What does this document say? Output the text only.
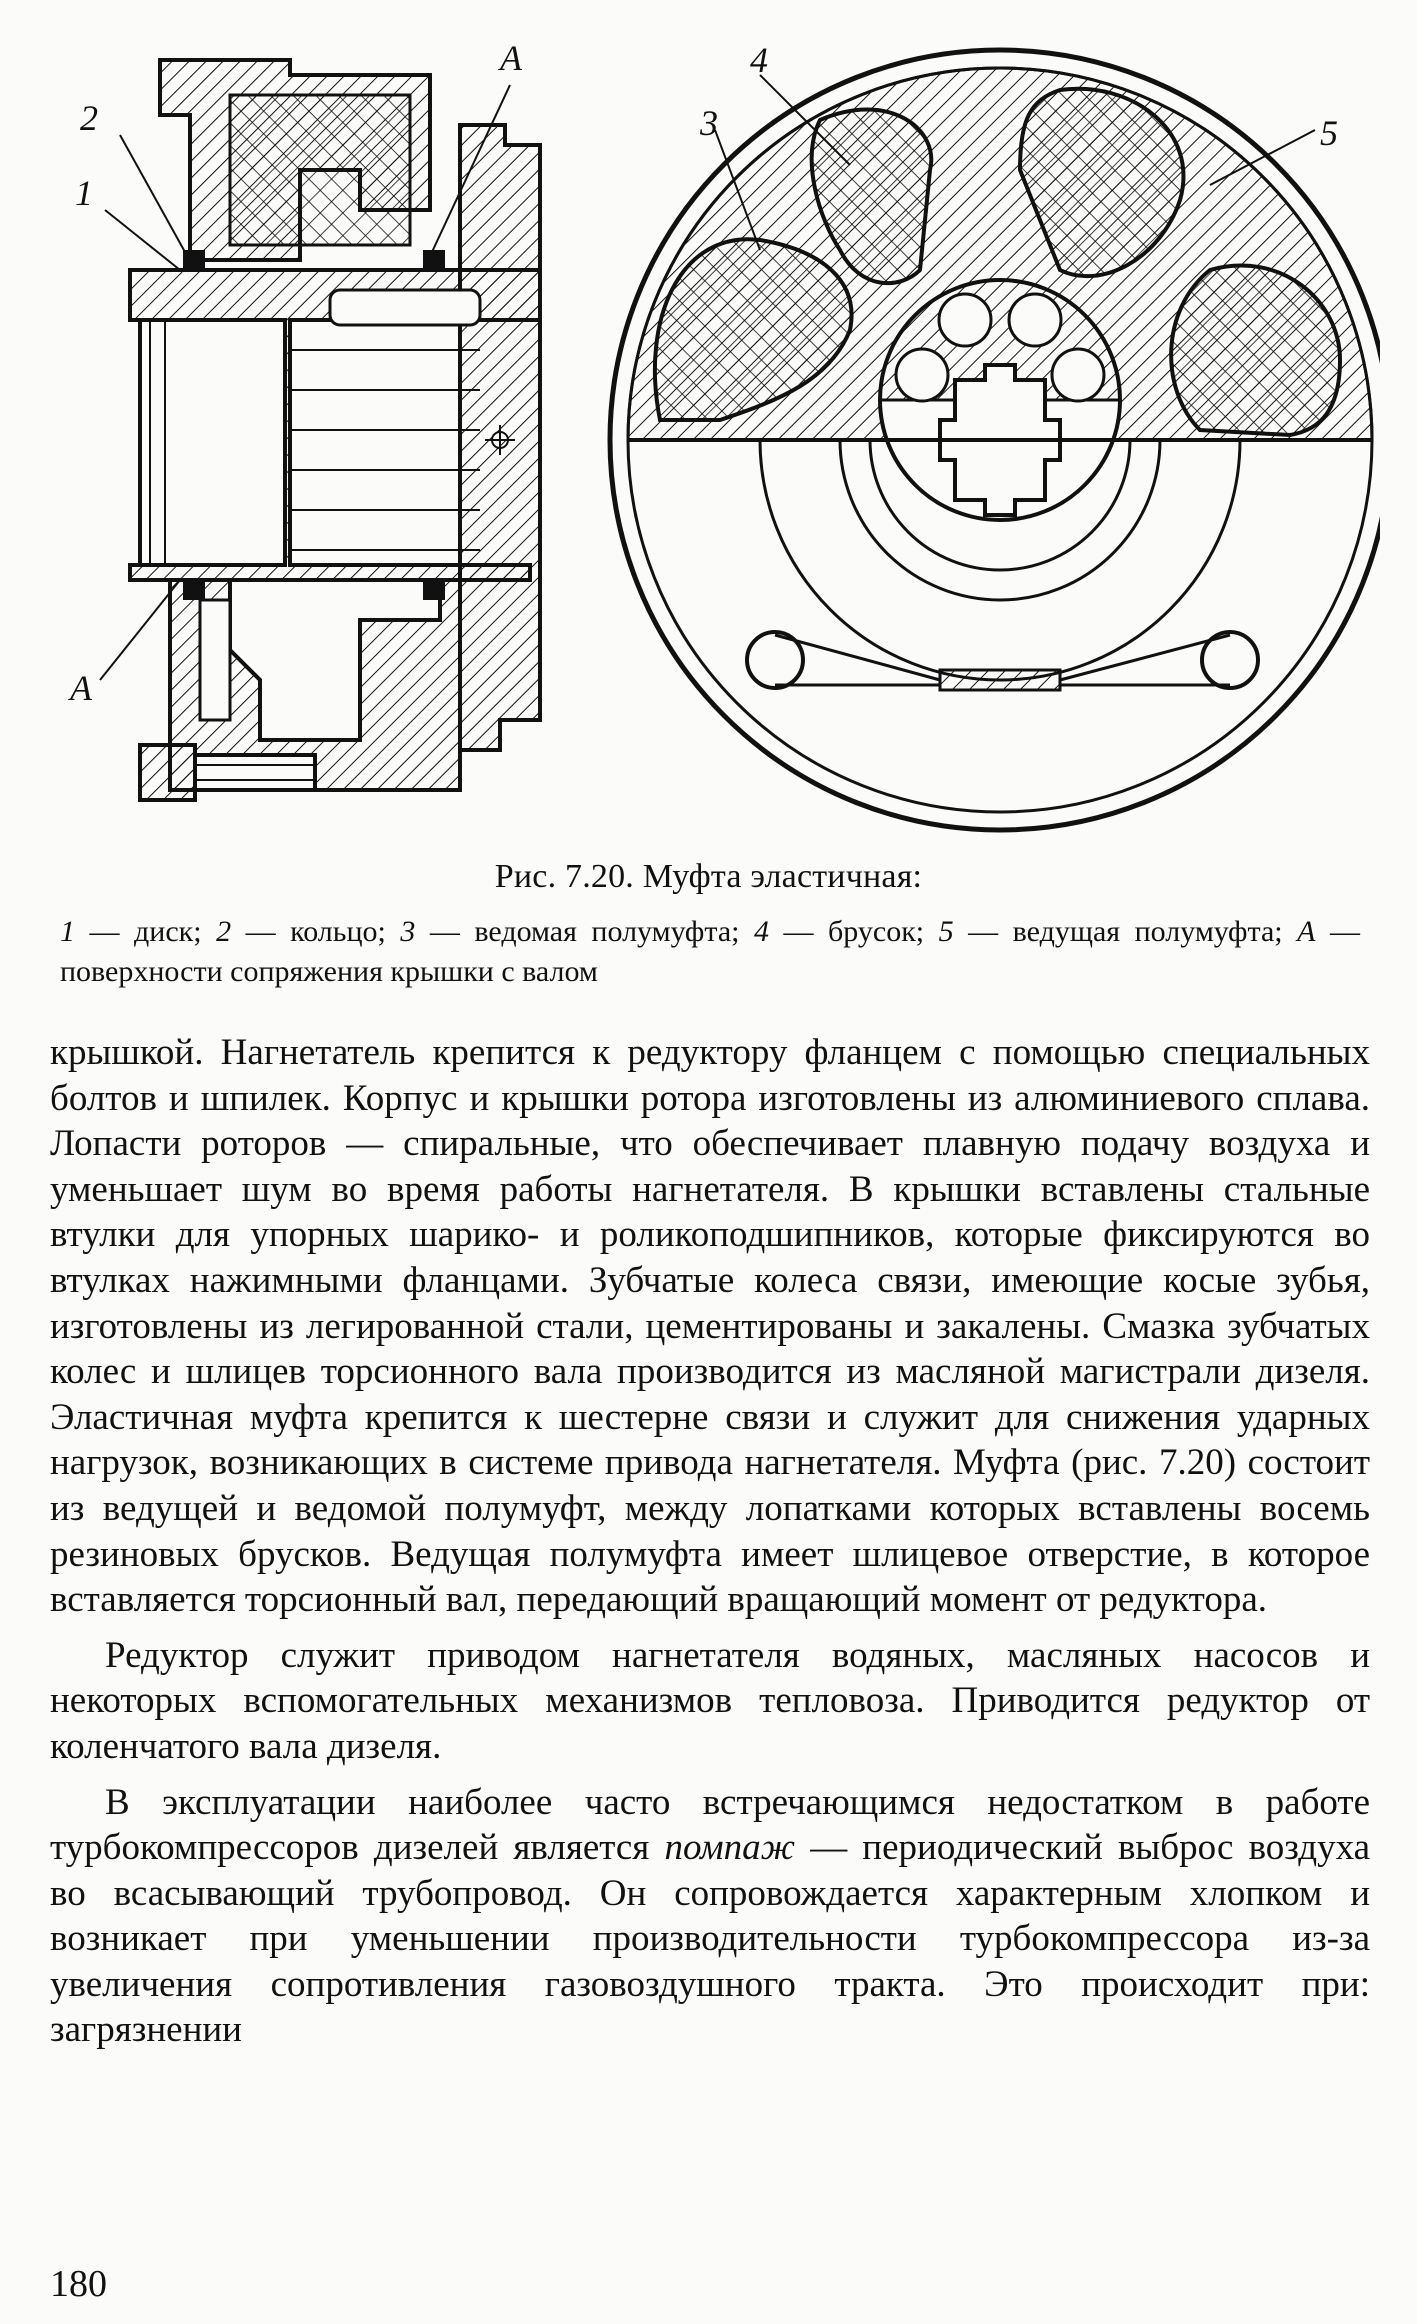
2
1
A
A
4
3	5
Рис. 7.20. Муфта эластичная:
1 — диск; 2 — кольцо; 3 — ведомая полумуфта; 4 — брусок; 5 — ведущая полумуфта; A — поверхности сопряжения крышки с валом

крышкой. Нагнетатель крепится к редуктору фланцем с помощью специальных болтов и шпилек. Корпус и крышки ротора изготовлены из алюминиевого сплава. Лопасти роторов — спиральные, что обеспечивает плавную подачу воздуха и уменьшает шум во время работы нагнетателя. В крышки вставлены стальные втулки для упорных шарико- и роликоподшипников, которые фиксируются во втулках нажимными фланцами. Зубчатые колеса связи, имеющие косые зубья, изготовлены из легированной стали, цементированы и закалены. Смазка зубчатых колес и шлицев торсионного вала производится из масляной магистрали дизеля. Эластичная муфта крепится к шестерне связи и служит для снижения ударных нагрузок, возникающих в системе привода нагнетателя. Муфта (рис. 7.20) состоит из ведущей и ведомой полумуфт, между лопатками которых вставлены восемь резиновых брусков. Ведущая полумуфта имеет шлицевое отверстие, в которое вставляется торсионный вал, передающий вращающий момент от редуктора.

Редуктор служит приводом нагнетателя водяных, масляных насосов и некоторых вспомогательных механизмов тепловоза. Приводится редуктор от коленчатого вала дизеля.

В эксплуатации наиболее часто встречающимся недостатком в работе турбокомпрессоров дизелей является помпаж — периодический выброс воздуха во всасывающий трубопровод. Он сопровождается характерным хлопком и возникает при уменьшении производительности турбокомпрессора из-за увеличения сопротивления газовоздушного тракта. Это происходит при: загрязнении

180
